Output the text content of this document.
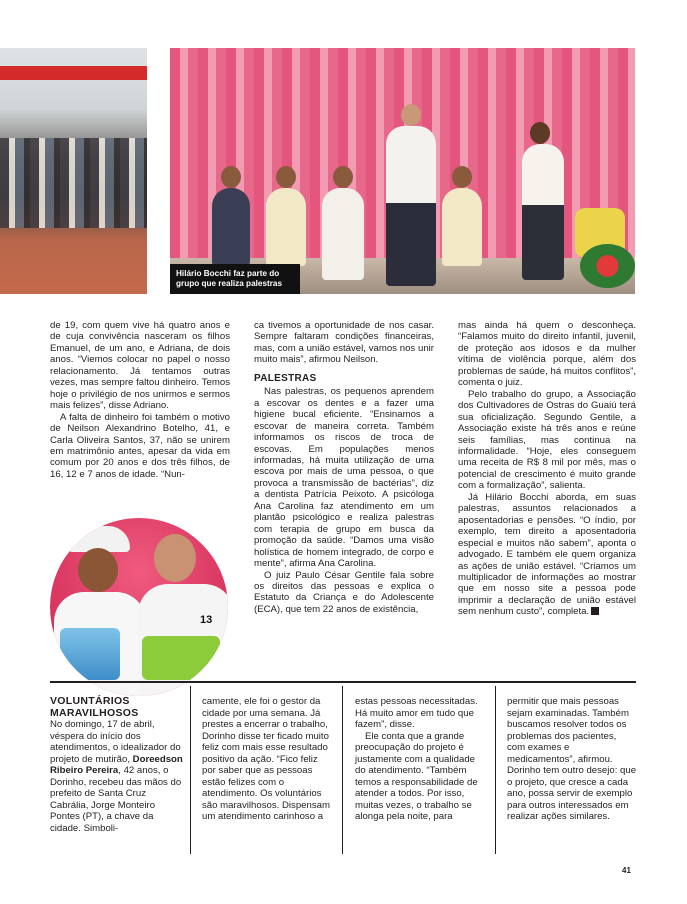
Hilário Bocchi faz parte do grupo que realiza palestras

de 19, com quem vive há quatro anos e de cuja convivência nasceram os filhos Emanuel, de um ano, e Adriana, de dois anos. “Viemos colocar no papel o nosso relacionamento. Já tentamos outras vezes, mas sempre faltou dinheiro. Temos hoje o privilégio de nos unirmos e sermos mais felizes”, disse Adriano.

A falta de dinheiro foi também o motivo de Neilson Alexandrino Botelho, 41, e Carla Oliveira Santos, 37, não se unirem em matrimônio antes, apesar da vida em comum por 20 anos e dos três filhos, de 16, 12 e 7 anos de idade. “Nun-

13

ca tivemos a oportunidade de nos casar. Sempre faltaram condições financeiras, mas, com a união estável, vamos nos unir muito mais”, afirmou Neilson.

PALESTRAS

Nas palestras, os pequenos aprendem a escovar os dentes e a fazer uma higiene bucal eficiente. “Ensinamos a escovar de maneira correta. Também informamos os riscos de troca de escovas. Em populações menos informadas, há muita utilização de uma escova por mais de uma pessoa, o que provoca a transmissão de bactérias”, diz a dentista Patrícia Peixoto. A psicóloga Ana Carolina faz atendimento em um plantão psicológico e realiza palestras com terapia de grupo em busca da promoção da saúde. “Damos uma visão holística de homem integrado, de corpo e mente”, afirma Ana Carolina.

O juiz Paulo César Gentile fala sobre os direitos das pessoas e explica o Estatuto da Criança e do Adolescente (ECA), que tem 22 anos de existência,

mas ainda há quem o desconheça. “Falamos muito do direito infantil, juvenil, de proteção aos idosos e da mulher vítima de violência porque, além dos problemas de saúde, há muitos conflitos”, comenta o juiz.

Pelo trabalho do grupo, a Associação dos Cultivadores de Ostras do Guaiú terá sua oficialização. Segundo Gentile, a Associação existe há três anos e reúne seis famílias, mas continua na informalidade. “Hoje, eles conseguem uma receita de R$ 8 mil por mês, mas o potencial de crescimento é muito grande com a formalização”, salienta.

Já Hilário Bocchi aborda, em suas palestras, assuntos relacionados a aposentadorias e pensões. “O índio, por exemplo, tem direito a aposentadoria especial e muitos não sabem”, aponta o advogado. E também ele quem organiza as ações de união estável. “Criamos um multiplicador de informações ao mostrar que em nosso site a pessoa pode imprimir a declaração de união estável sem nenhum custo”, completa.

VOLUNTÁRIOS MARAVILHOSOS

No domingo, 17 de abril, véspera do início dos atendimentos, o idealizador do projeto de mutirão, Doreedson Ribeiro Pereira, 42 anos, o Dorinho, recebeu das mãos do prefeito de Santa Cruz Cabrália, Jorge Monteiro Pontes (PT), a chave da cidade. Simboli-

camente, ele foi o gestor da cidade por uma semana. Já prestes a encerrar o trabalho, Dorinho disse ter ficado muito feliz com mais esse resultado positivo da ação. “Fico feliz por saber que as pessoas estão felizes com o atendimento. Os voluntários são maravilhosos. Dispensam um atendimento carinhoso a

estas pessoas necessitadas. Há muito amor em tudo que fazem”, disse.

Ele conta que a grande preocupação do projeto é justamente com a qualidade do atendimento. “Também temos a responsabilidade de atender a todos. Por isso, muitas vezes, o trabalho se alonga pela noite, para

permitir que mais pessoas sejam examinadas. Também buscamos resolver todos os problemas dos pacientes, com exames e medicamentos”, afirmou. Dorinho tem outro desejo: que o projeto, que cresce a cada ano, possa servir de exemplo para outros interessados em realizar ações similares.

41
